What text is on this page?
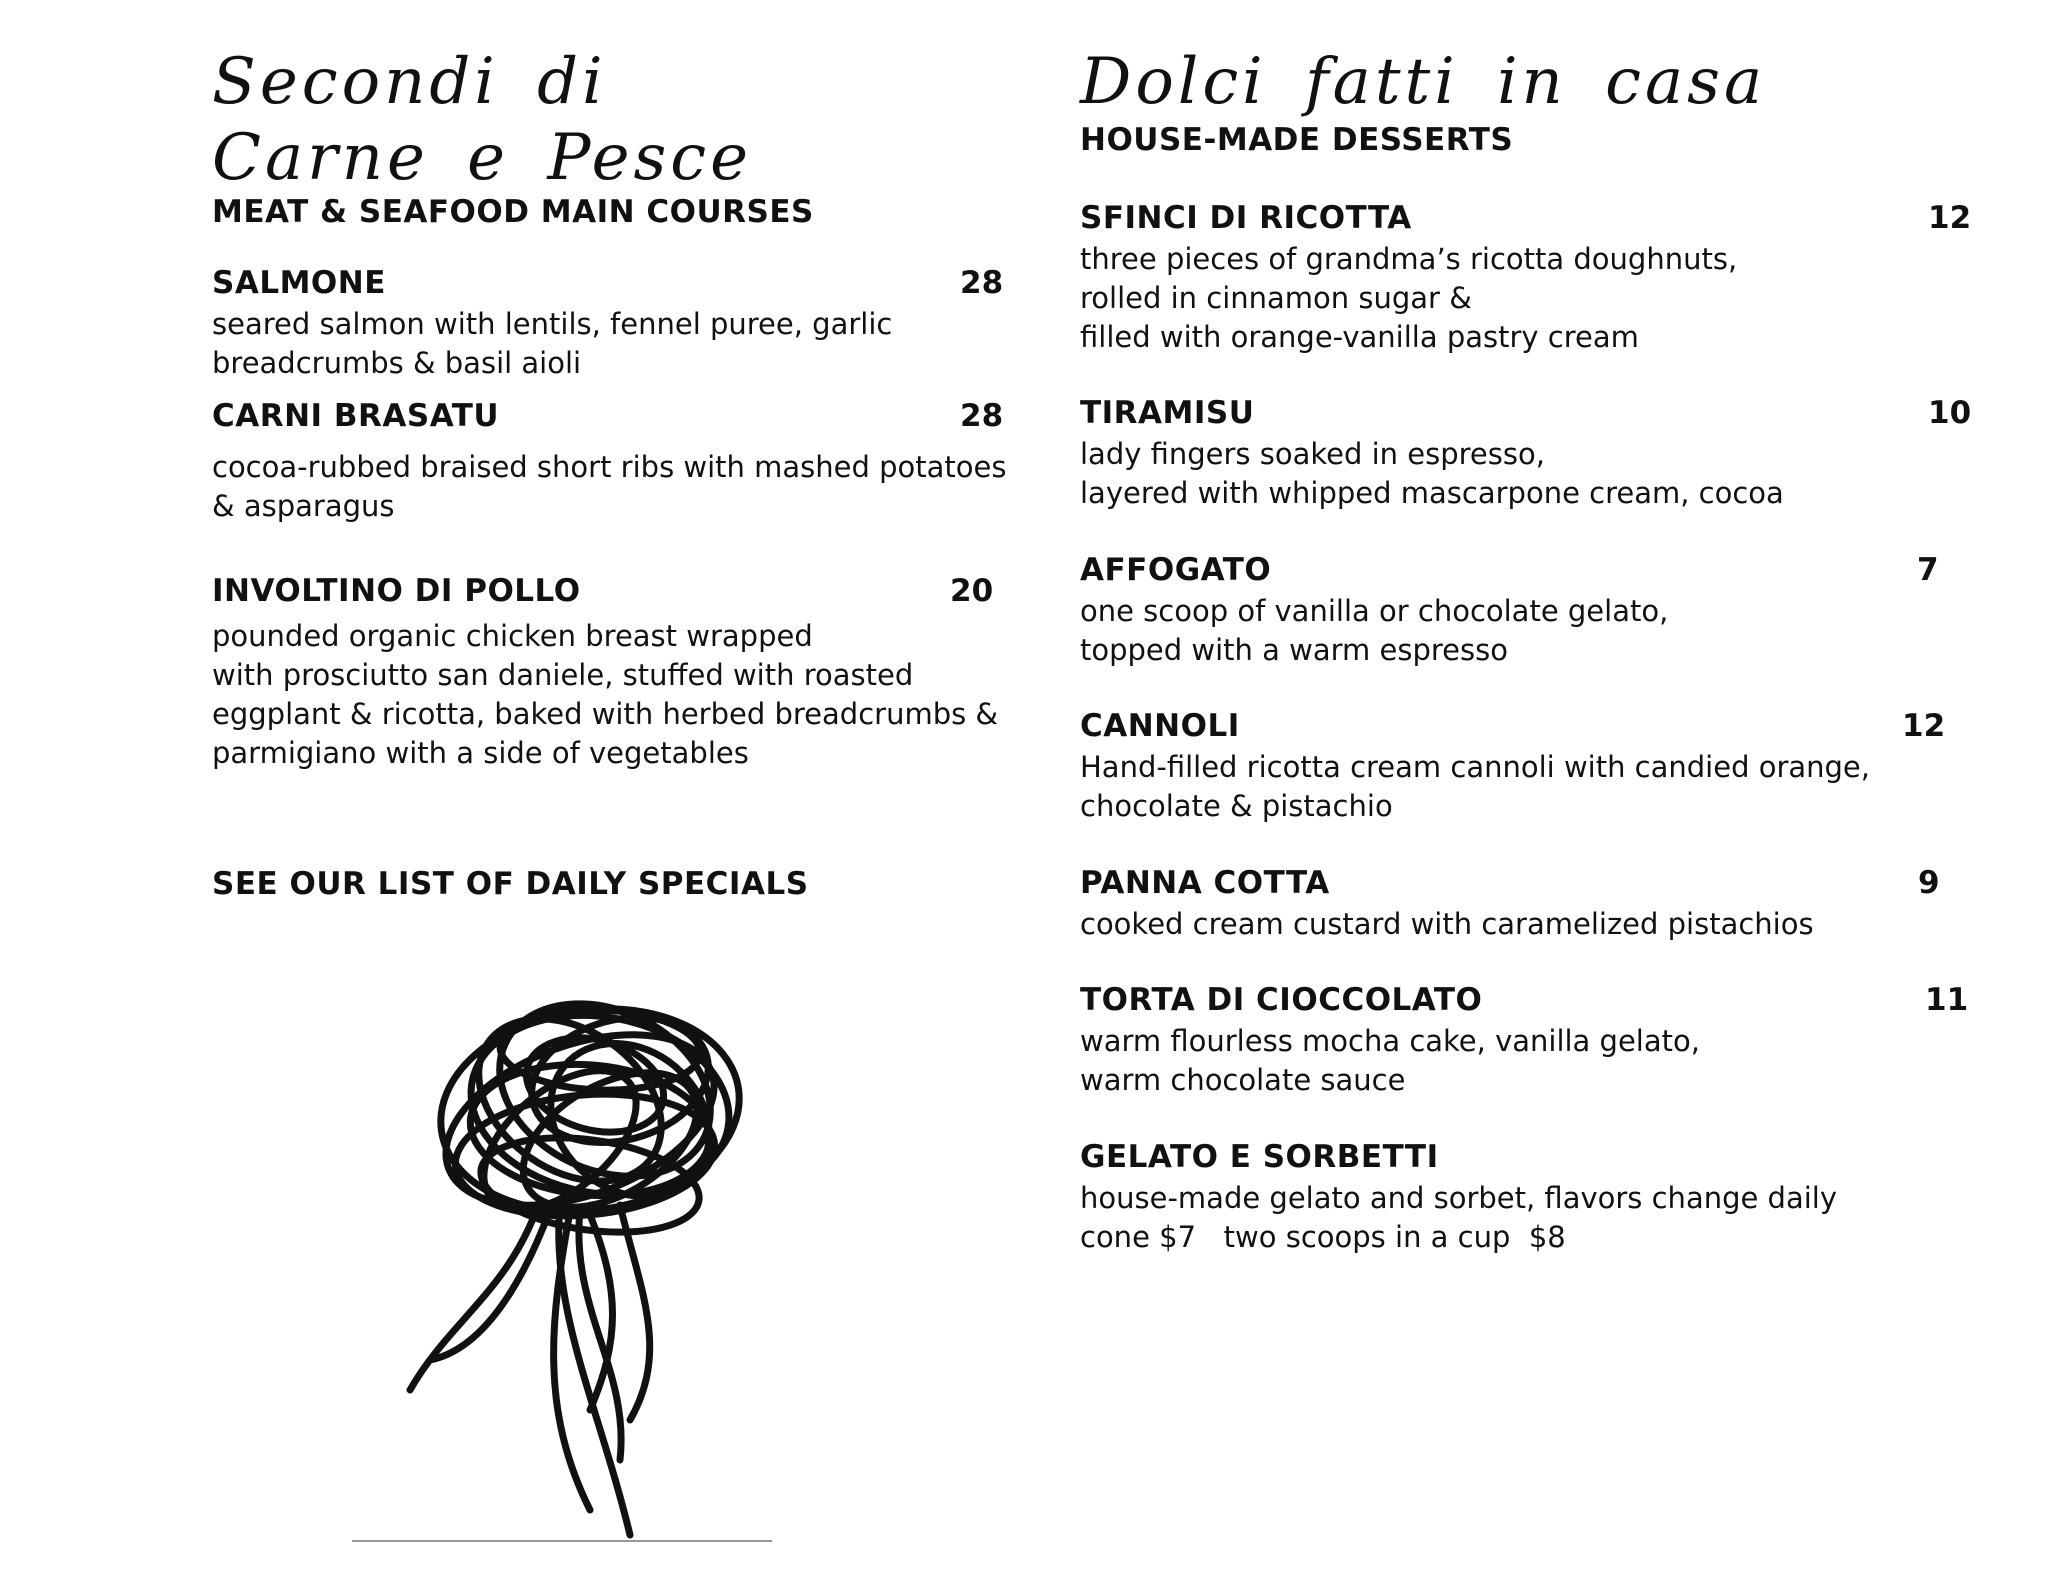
Secondi di
Carne e Pesce
MEAT & SEAFOOD MAIN COURSES
SALMONE	28
seared salmon with lentils, fennel puree, garlic
breadcrumbs & basil aioli
CARNI BRASATU	28
cocoa-rubbed braised short ribs with mashed potatoes
& asparagus
INVOLTINO DI POLLO	20
pounded organic chicken breast wrapped
with prosciutto san daniele, stuffed with roasted
eggplant & ricotta, baked with herbed breadcrumbs &
parmigiano with a side of vegetables
SEE OUR LIST OF DAILY SPECIALS
Dolci fatti in casa
HOUSE-MADE DESSERTS
SFINCI DI RICOTTA	12
three pieces of grandma’s ricotta doughnuts,
rolled in cinnamon sugar &
filled with orange-vanilla pastry cream
TIRAMISU	10
lady fingers soaked in espresso,
layered with whipped mascarpone cream, cocoa
AFFOGATO	7
one scoop of vanilla or chocolate gelato,
topped with a warm espresso
CANNOLI	12
Hand-filled ricotta cream cannoli with candied orange,
chocolate & pistachio
PANNA COTTA	9
cooked cream custard with caramelized pistachios
TORTA DI CIOCCOLATO	11
warm flourless mocha cake, vanilla gelato,
warm chocolate sauce
GELATO E SORBETTI
house-made gelato and sorbet, flavors change daily
cone $7   two scoops in a cup  $8
